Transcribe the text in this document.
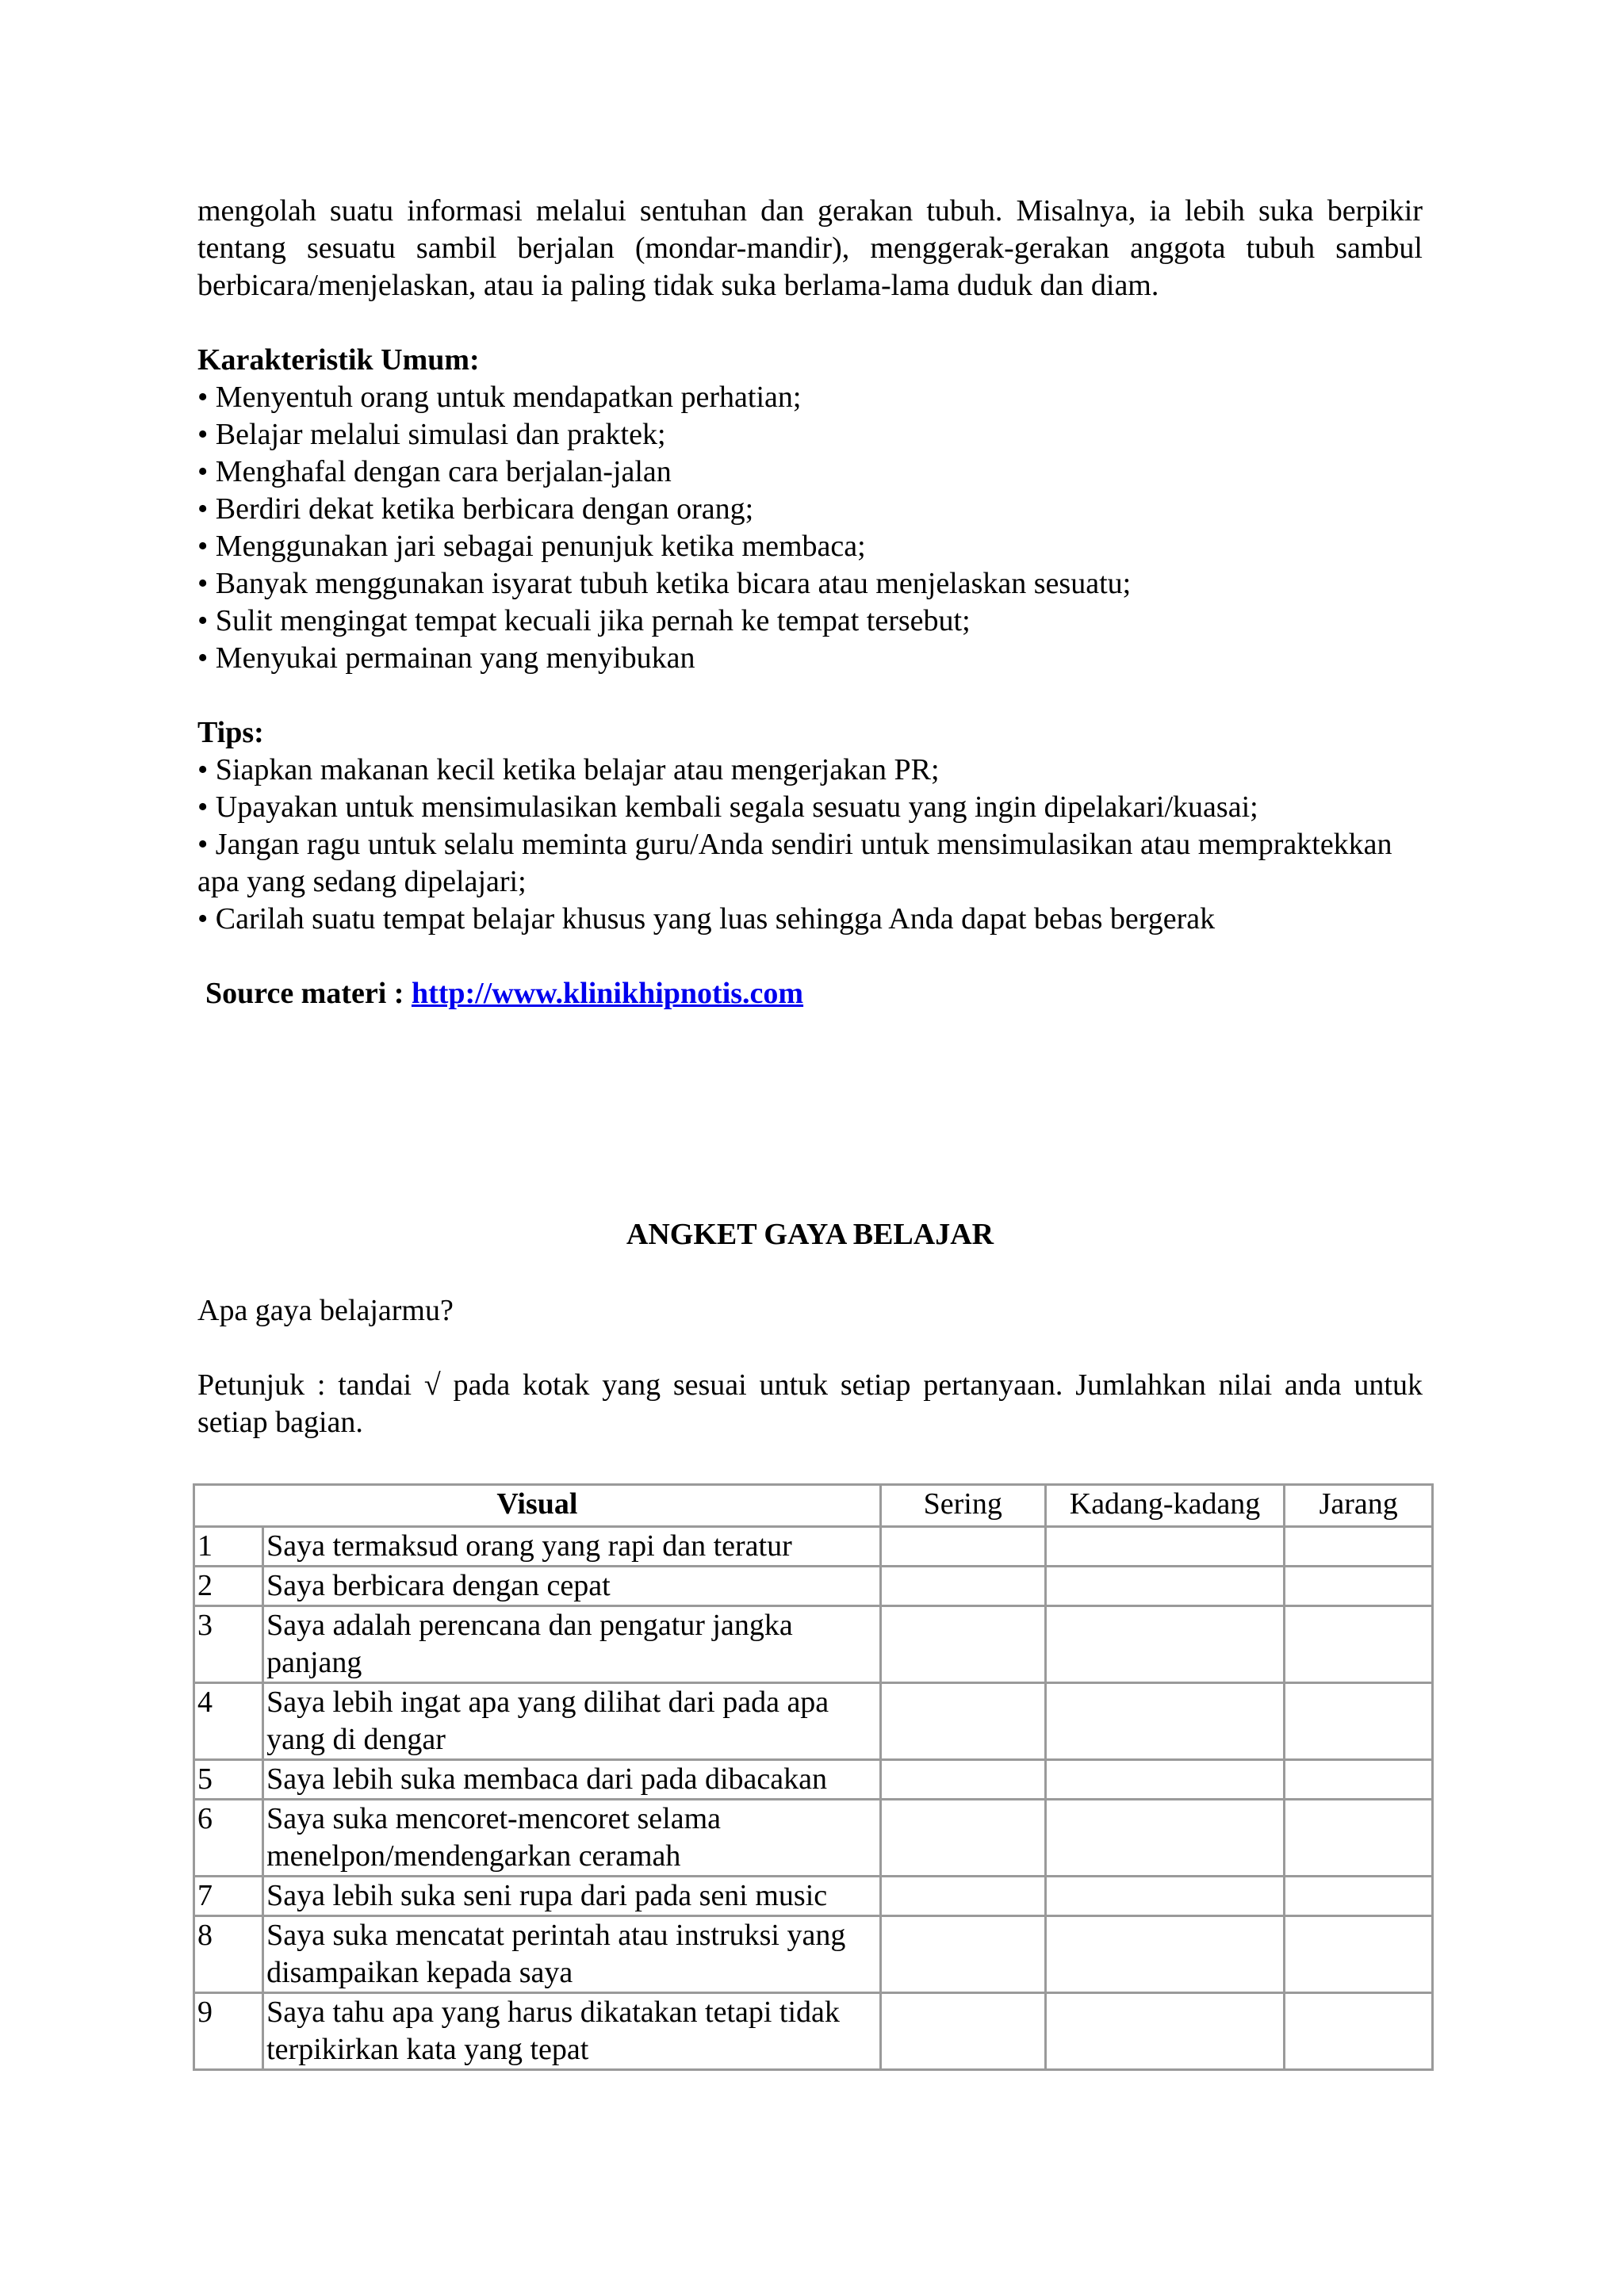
mengolah suatu informasi melalui sentuhan dan gerakan tubuh. Misalnya, ia lebih suka berpikir tentang sesuatu sambil berjalan (mondar-mandir), menggerak-gerakan anggota tubuh sambul berbicara/menjelaskan, atau ia paling tidak suka berlama-lama duduk dan diam.

Karakteristik Umum:

• Menyentuh orang untuk mendapatkan perhatian;
• Belajar melalui simulasi dan praktek;
• Menghafal dengan cara berjalan-jalan
• Berdiri dekat ketika berbicara dengan orang;
• Menggunakan jari sebagai penunjuk ketika membaca;
• Banyak menggunakan isyarat tubuh ketika bicara atau menjelaskan sesuatu;
• Sulit mengingat tempat kecuali jika pernah ke tempat tersebut;
• Menyukai permainan yang menyibukan

Tips:

• Siapkan makanan kecil ketika belajar atau mengerjakan PR;
• Upayakan untuk mensimulasikan kembali segala sesuatu yang ingin dipelakari/kuasai;
• Jangan ragu untuk selalu meminta guru/Anda sendiri untuk mensimulasikan atau mempraktekkan apa yang sedang dipelajari;
• Carilah suatu tempat belajar khusus yang luas sehingga Anda dapat bebas bergerak

Source materi : http://www.klinikhipnotis.com

ANGKET GAYA BELAJAR

Apa gaya belajarmu?

Petunjuk : tandai √ pada kotak yang sesuai untuk setiap pertanyaan. Jumlahkan nilai anda untuk setiap bagian.

Visual		Sering	Kadang-kadang	Jarang
1	Saya termaksud orang yang rapi dan teratur			
2	Saya berbicara dengan cepat			
3	Saya adalah perencana dan pengatur jangka panjang			
4	Saya lebih ingat apa yang dilihat dari pada apa yang di dengar			
5	Saya lebih suka membaca dari pada dibacakan			
6	Saya suka mencoret-mencoret selama menelpon/mendengarkan ceramah			
7	Saya lebih suka seni rupa dari pada seni music			
8	Saya suka mencatat perintah atau instruksi yang disampaikan kepada saya			
9	Saya tahu apa yang harus dikatakan tetapi tidak terpikirkan kata yang tepat			
